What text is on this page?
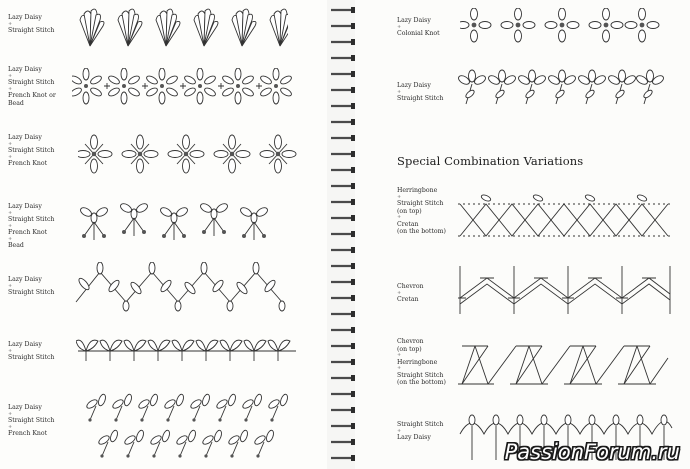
Lazy Daisy
+
Straight Stitch
Lazy Daisy
+
Straight Stitch
+
French Knot or
Bead
Lazy Daisy
+
Straight Stitch
+
French Knot
Lazy Daisy
+
Straight Stitch
+
French Knot
+
Bead
Lazy Daisy
+
Straight Stitch
Lazy Daisy
+
Straight Stitch
Lazy Daisy
+
Straight Stitch
+
French Knot
Lazy Daisy
+
Colonial Knot
Lazy Daisy
+
Straight Stitch
Special Combination Variations
Herringbone
+
Straight Stitch
(on top)
+
Cretan
(on the bottom)
Chevron
+
Cretan
Chevron
(on top)
+
Herringbone
+
Straight Stitch
(on the bottom)
Straight Stitch
+
Lazy Daisy
PassionForum.ru
